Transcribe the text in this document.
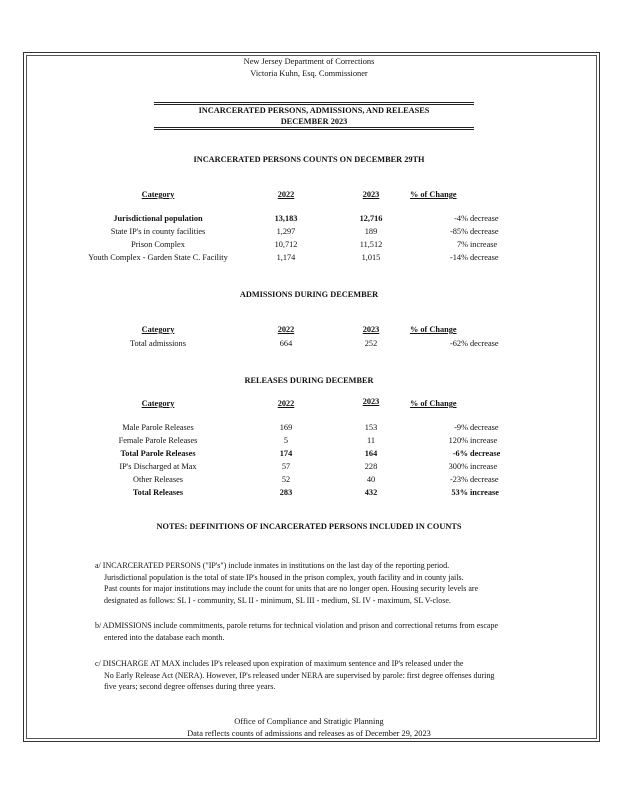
New Jersey Department of Corrections
Victoria Kuhn, Esq. Commissioner
INCARCERATED PERSONS, ADMISSIONS, AND RELEASES
DECEMBER 2023
INCARCERATED PERSONS COUNTS ON DECEMBER 29TH
Category	2022	2023	% of Change
Jurisdictional population	13,183	12,716	-4% decrease
State IP's in county facilities	1,297	189	-85% decrease
Prison Complex	10,712	11,512	7% increase
Youth Complex - Garden State C. Facility	1,174	1,015	-14% decrease
ADMISSIONS DURING DECEMBER
Category	2022	2023	% of Change
Total admissions	664	252	-62% decrease
RELEASES DURING DECEMBER
Category	2022	2023	% of Change
Male Parole Releases	169	153	-9% decrease
Female Parole Releases	5	11	120% increase
Total Parole Releases	174	164	-6% decrease
IP's Discharged at Max	57	228	300% increase
Other Releases	52	40	-23% decrease
Total Releases	283	432	53% increase
NOTES: DEFINITIONS OF INCARCERATED PERSONS INCLUDED IN COUNTS

a/ INCARCERATED PERSONS ("IP's") include inmates in institutions on the last day of the reporting period.

Jurisdictional population is the total of state IP's housed in the prison complex, youth facility and in county jails.

Past counts for major institutions may include the count for units that are no longer open. Housing security levels are

designated as follows: SL I - community, SL II - minimum, SL III - medium, SL IV - maximum, SL V-close.

b/ ADMISSIONS include commitments, parole returns for technical violation and prison and correctional returns from escape

entered into the database each month.

c/ DISCHARGE AT MAX includes IP's released upon expiration of maximum sentence and IP's released under the

No Early Release Act (NERA). However, IP's released under NERA are supervised by parole: first degree offenses during

five years; second degree offenses during three years.

Office of Compliance and Stratigic Planning
Data reflects counts of admissions and releases as of December 29, 2023
